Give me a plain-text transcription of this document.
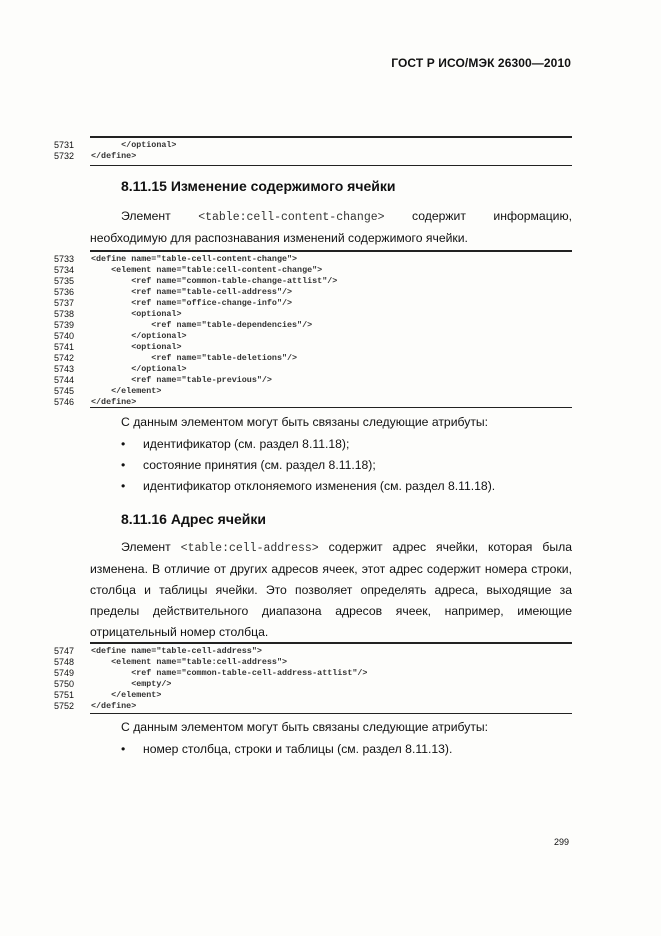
ГОСТ Р ИСО/МЭК 26300—2010
5731	</optional>
5732	</define>
8.11.15 Изменение содержимого ячейки
Элемент <table:cell-content-change> содержит информацию,
необходимую для распознавания изменений содержимого ячейки.
5733	<define name="table-cell-content-change">
5734	<element name="table:cell-content-change">
5735	<ref name="common-table-change-attlist"/>
5736	<ref name="table-cell-address"/>
5737	<ref name="office-change-info"/>
5738	<optional>
5739	<ref name="table-dependencies"/>
5740	</optional>
5741	<optional>
5742	<ref name="table-deletions"/>
5743	</optional>
5744	<ref name="table-previous"/>
5745	</element>
5746	</define>
С данным элементом могут быть связаны следующие атрибуты:
• идентификатор (см. раздел 8.11.18);
• состояние принятия (см. раздел 8.11.18);
• идентификатор отклоняемого изменения (см. раздел 8.11.18).
8.11.16 Адрес ячейки
Элемент <table:cell-address> содержит адрес ячейки, которая была
изменена. В отличие от других адресов ячеек, этот адрес содержит номера строки,
столбца и таблицы ячейки. Это позволяет определять адреса, выходящие за
пределы действительного диапазона адресов ячеек, например, имеющие
отрицательный номер столбца.
5747	<define name="table-cell-address">
5748	<element name="table:cell-address">
5749	<ref name="common-table-cell-address-attlist"/>
5750	<empty/>
5751	</element>
5752	</define>
С данным элементом могут быть связаны следующие атрибуты:
• номер столбца, строки и таблицы (см. раздел 8.11.13).
299
